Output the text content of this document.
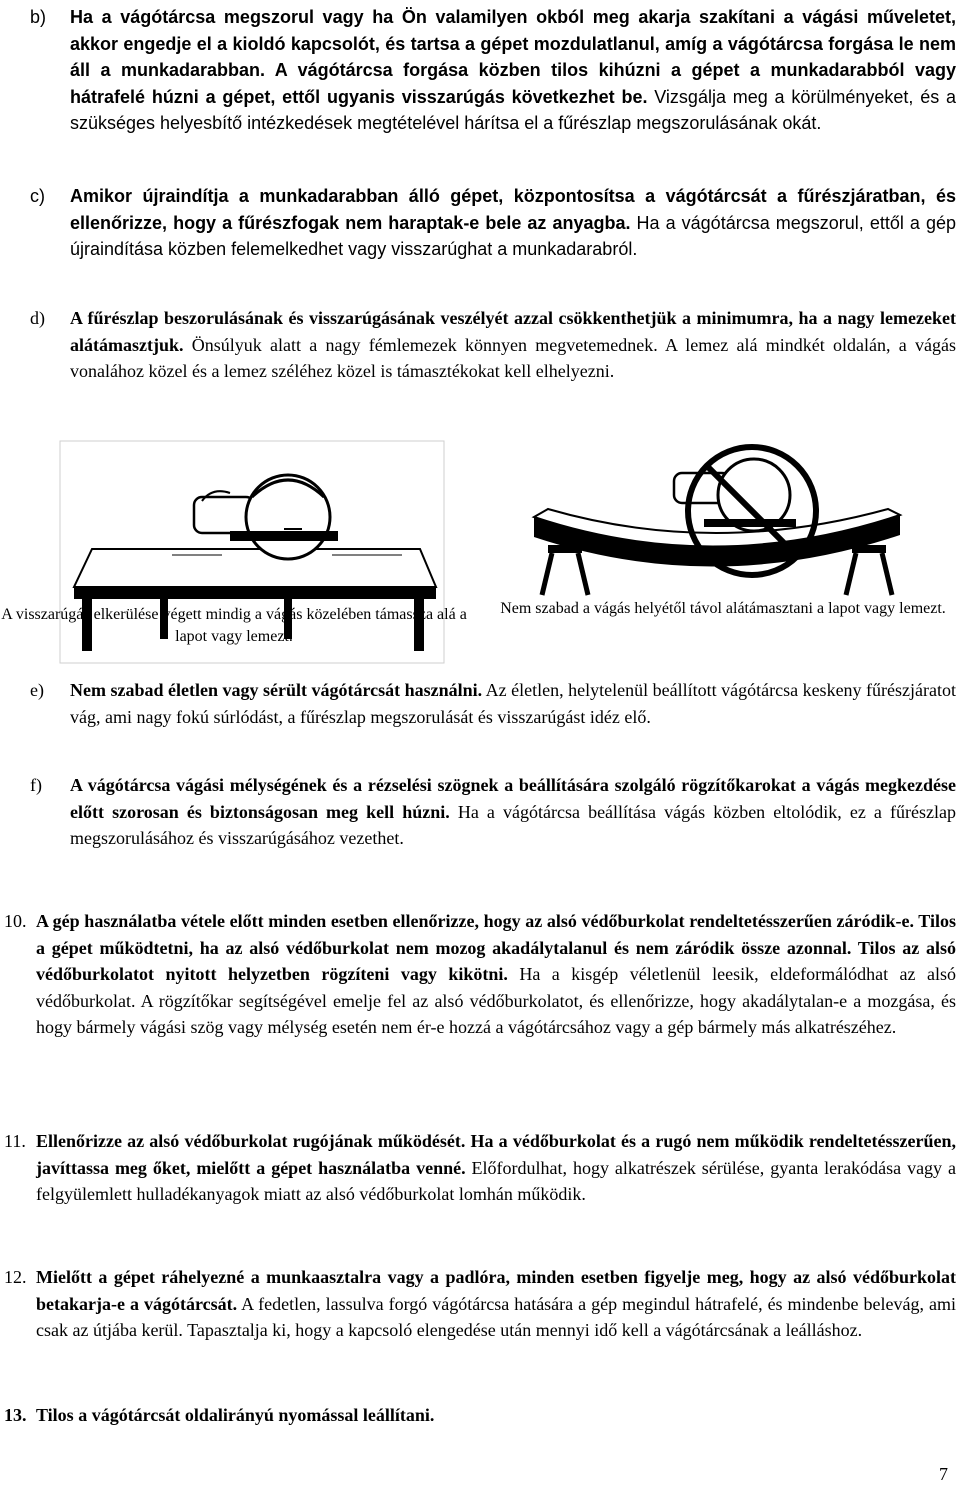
b) Ha a vágótárcsa megszorul vagy ha Ön valamilyen okból meg akarja szakítani a vágási műveletet, akkor engedje el a kioldó kapcsolót, és tartsa a gépet mozdulatlanul, amíg a vágótárcsa forgása le nem áll a munkadarabban. A vágótárcsa forgása közben tilos kihúzni a gépet a munkadarabból vagy hátrafelé húzni a gépet, ettől ugyanis visszarúgás következhet be. Vizsgálja meg a körülményeket, és a szükséges helyesbítő intézkedések megtételével hárítsa el a fűrészlap megszorulásának okát.
c) Amikor újraindítja a munkadarabban álló gépet, központosítsa a vágótárcsát a fűrészjáratban, és ellenőrizze, hogy a fűrészfogak nem haraptak-e bele az anyagba. Ha a vágótárcsa megszorul, ettől a gép újraindítása közben felemelkedhet vagy visszarúghat a munkadarabról.
d) A fűrészlap beszorulásának és visszarúgásának veszélyét azzal csökkenthetjük a minimumra, ha a nagy lemezeket alátámasztjuk. Önsúlyuk alatt a nagy fémlemezek könnyen megvetemednek. A lemez alá mindkét oldalán, a vágás vonalához közel és a lemez széléhez közel is támasztékokat kell elhelyezni.
A visszarúgás elkerülése végett mindig a vágás közelében támassza alá a lapot vagy lemezt.
Nem szabad a vágás helyétől távol alátámasztani a lapot vagy lemezt.
e) Nem szabad életlen vagy sérült vágótárcsát használni. Az életlen, helytelenül beállított vágótárcsa keskeny fűrészjáratot vág, ami nagy fokú súrlódást, a fűrészlap megszorulását és visszarúgást idéz elő.
f) A vágótárcsa vágási mélységének és a rézselési szögnek a beállítására szolgáló rögzítőkarokat a vágás megkezdése előtt szorosan és biztonságosan meg kell húzni. Ha a vágótárcsa beállítása vágás közben eltolódik, ez a fűrészlap megszorulásához és visszarúgásához vezethet.
10. A gép használatba vétele előtt minden esetben ellenőrizze, hogy az alsó védőburkolat rendeltetésszerűen záródik-e. Tilos a gépet működtetni, ha az alsó védőburkolat nem mozog akadálytalanul és nem záródik össze azonnal. Tilos az alsó védőburkolatot nyitott helyzetben rögzíteni vagy kikötni. Ha a kisgép véletlenül leesik, eldeformálódhat az alsó védőburkolat. A rögzítőkar segítségével emelje fel az alsó védőburkolatot, és ellenőrizze, hogy akadálytalan-e a mozgása, és hogy bármely vágási szög vagy mélység esetén nem ér-e hozzá a vágótárcsához vagy a gép bármely más alkatrészéhez.
11. Ellenőrizze az alsó védőburkolat rugójának működését. Ha a védőburkolat és a rugó nem működik rendeltetésszerűen, javíttassa meg őket, mielőtt a gépet használatba venné. Előfordulhat, hogy alkatrészek sérülése, gyanta lerakódása vagy a felgyülemlett hulladékanyagok miatt az alsó védőburkolat lomhán működik.
12. Mielőtt a gépet ráhelyezné a munkaasztalra vagy a padlóra, minden esetben figyelje meg, hogy az alsó védőburkolat betakarja-e a vágótárcsát. A fedetlen, lassulva forgó vágótárcsa hatására a gép megindul hátrafelé, és mindenbe belevág, ami csak az útjába kerül. Tapasztalja ki, hogy a kapcsoló elengedése után mennyi idő kell a vágótárcsának a leálláshoz.
13. Tilos a vágótárcsát oldalirányú nyomással leállítani.
7
